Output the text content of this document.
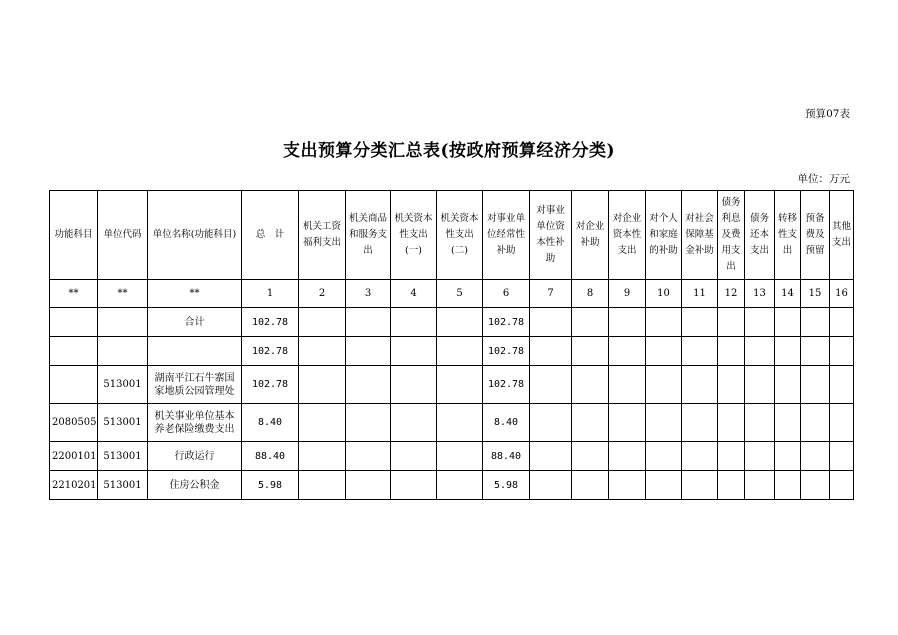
预算07表
支出预算分类汇总表(按政府预算经济分类)
单位：万元
功能科目	单位代码	单位名称(功能科目)	总　计	机关工资福利支出	机关商品和服务支出	机关资本性支出(一)	机关资本性支出(二)	对事业单位经常性补助	对事业单位资本性补助	对企业补助	对企业资本性支出	对个人和家庭的补助	对社会保障基金补助	债务利息及费用支出	债务还本支出	转移性支出	预备费及预留	其他支出
**	**	**	1	2	3	4	5	6	7	8	9	10	11	12	13	14	15	16
		合计	102.78					102.78										
			102.78					102.78										
	513001	湖南平江石牛寨国家地质公园管理处	102.78					102.78										
2080505	513001	机关事业单位基本养老保险缴费支出	8.40					8.40										
2200101	513001	行政运行	88.40					88.40										
2210201	513001	住房公积金	5.98					5.98										
